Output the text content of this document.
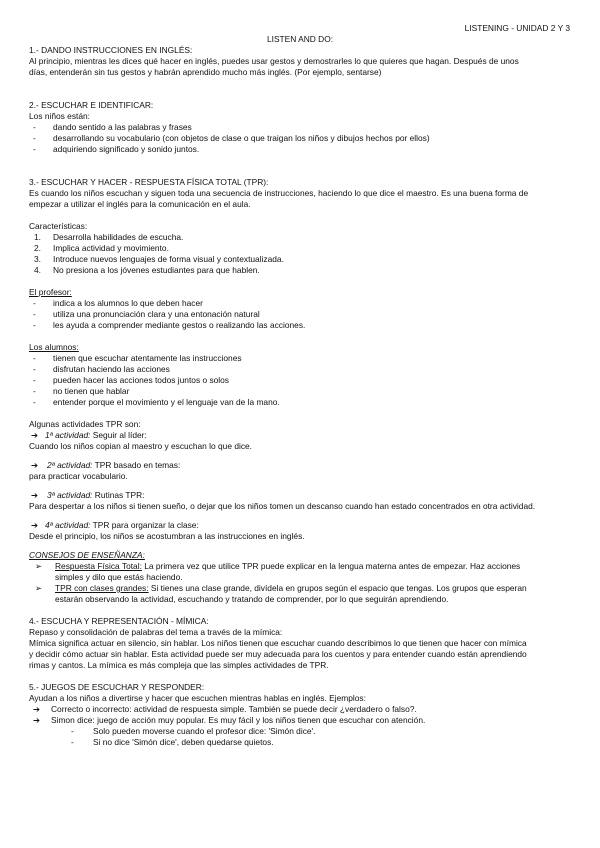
LISTENING - UNIDAD 2 Y 3
LISTEN AND DO:

1.- DANDO INSTRUCCIONES EN INGLÉS:

Al principio, mientras les dices qué hacer en inglés, puedes usar gestos y demostrarles lo que quieres que hagan. Después de unos

días, entenderán sin tus gestos y habrán aprendido mucho más inglés. (Por ejemplo, sentarse)

2.- ESCUCHAR E IDENTIFICAR:

Los niños están:

-	dando sentido a las palabras y frases
-	desarrollando su vocabulario (con objetos de clase o que traigan los niños y dibujos hechos por ellos)
-	adquiriendo significado y sonido juntos.

3.- ESCUCHAR Y HACER - RESPUESTA FÍSICA TOTAL (TPR):

Es cuando los niños escuchan y siguen toda una secuencia de instrucciones, haciendo lo que dice el maestro. Es una buena forma de

empezar a utilizar el inglés para la comunicación en el aula.

Características:

1.	Desarrolla habilidades de escucha.
2.	Implica actividad y movimiento.
3.	Introduce nuevos lenguajes de forma visual y contextualizada.
4.	No presiona a los jóvenes estudiantes para que hablen.

El profesor:

-	indica a los alumnos lo que deben hacer
-	utiliza una pronunciación clara y una entonación natural
-	les ayuda a comprender mediante gestos o realizando las acciones.

Los alumnos:

-	tienen que escuchar atentamente las instrucciones
-	disfrutan haciendo las acciones
-	pueden hacer las acciones todos juntos o solos
-	no tienen que hablar
-	entender porque el movimiento y el lenguaje van de la mano.

Algunas actividades TPR son:

➔ 1ª actividad: Seguir al líder:

Cuando los niños copian al maestro y escuchan lo que dice.

➔	2ª actividad: TPR basado en temas:

para practicar vocabulario.

➔	3ª actividad: Rutinas TPR:

Para despertar a los niños si tienen sueño, o dejar que los niños tomen un descanso cuando han estado concentrados en otra actividad.

➔ 4ª actividad: TPR para organizar la clase:

Desde el principio, los niños se acostumbran a las instrucciones en inglés.

CONSEJOS DE ENSEÑANZA:

➢	Respuesta Física Total: La primera vez que utilice TPR puede explicar en la lengua materna antes de empezar. Haz acciones
simples y dilo que estás haciendo.
➢	TPR con clases grandes: Si tienes una clase grande, divídela en grupos según el espacio que tengas. Los grupos que esperan
estarán observando la actividad, escuchando y tratando de comprender, por lo que seguirán aprendiendo.

4.- ESCUCHA Y REPRESENTACIÓN - MÍMICA:

Repaso y consolidación de palabras del tema a través de la mímica:

Mímica significa actuar en silencio, sin hablar. Los niños tienen que escuchar cuando describimos lo que tienen que hacer con mímica

y decidir cómo actuar sin hablar. Esta actividad puede ser muy adecuada para los cuentos y para entender cuando están aprendiendo

rimas y cantos. La mímica es más compleja que las simples actividades de TPR.

5.- JUEGOS DE ESCUCHAR Y RESPONDER:

Ayudan a los niños a divertirse y hacer que escuchen mientras hablas en inglés. Ejemplos:

➔	Correcto o incorrecto: actividad de respuesta simple. También se puede decir ¿verdadero o falso?.
➔	Simon dice: juego de acción muy popular. Es muy fácil y los niños tienen que escuchar con atención.
-	Solo pueden moverse cuando el profesor dice: 'Simón dice'.
-	Si no dice 'Simón dice', deben quedarse quietos.
